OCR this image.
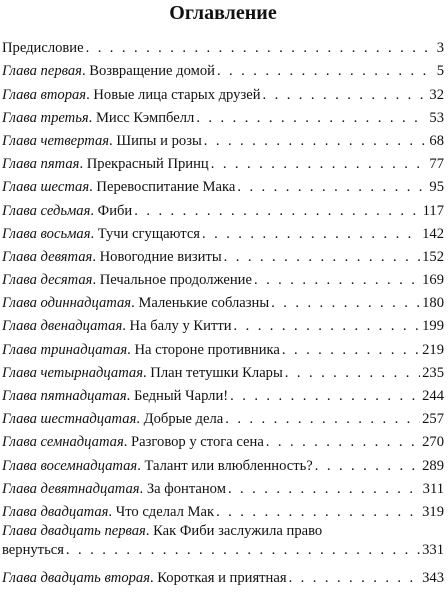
Оглавление
Предисловие . . .	3
Глава первая. Возвращение домой . . .	5
Глава вторая. Новые лица старых друзей . . .	32
Глава третья. Мисс Кэмпбелл . . .	53
Глава четвертая. Шипы и розы . . .	68
Глава пятая. Прекрасный Принц . . .	77
Глава шестая. Перевоспитание Мака . . .	95
Глава седьмая. Фиби . . .	117
Глава восьмая. Тучи сгущаются . . .	142
Глава девятая. Новогодние визиты . . .	152
Глава десятая. Печальное продолжение . . .	169
Глава одиннадцатая. Маленькие соблазны . . .	180
Глава двенадцатая. На балу у Китти . . .	199
Глава тринадцатая. На стороне противника . . .	219
Глава четырнадцатая. План тетушки Клары . . .	235
Глава пятнадцатая. Бедный Чарли! . . .	244
Глава шестнадцатая. Добрые дела . . .	257
Глава семнадцатая. Разговор у стога сена . . .	270
Глава восемнадцатая. Талант или влюбленность? . . .	289
Глава девятнадцатая. За фонтаном . . .	311
Глава двадцатая. Что сделал Мак . . .	319
Глава двадцать первая. Как Фиби заслужила право
вернуться . . .	331
Глава двадцать вторая. Короткая и приятная . . .	343
